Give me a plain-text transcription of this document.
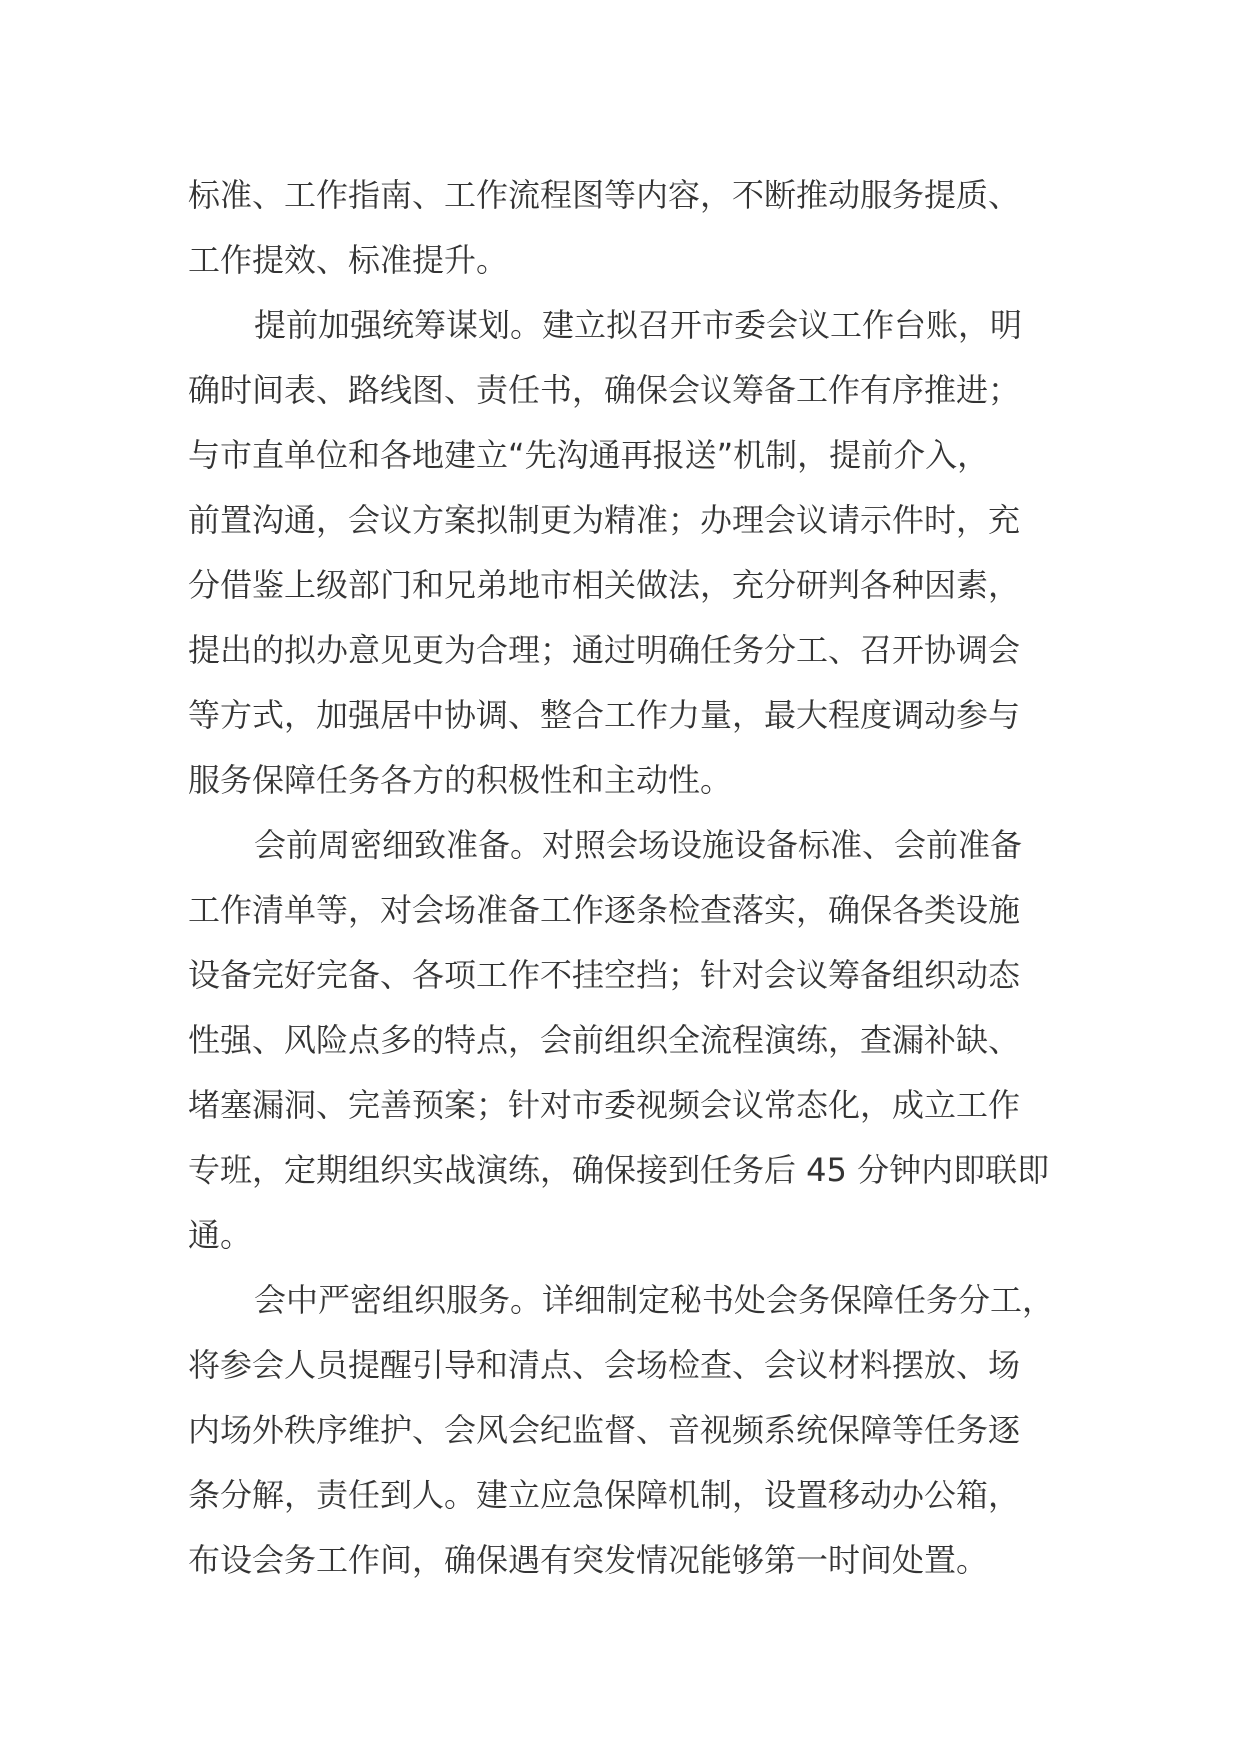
标准、工作指南、工作流程图等内容，不断推动服务提质、
工作提效、标准提升。
提前加强统筹谋划。建立拟召开市委会议工作台账，明
确时间表、路线图、责任书，确保会议筹备工作有序推进；
与市直单位和各地建立“先沟通再报送”机制，提前介入，
前置沟通，会议方案拟制更为精准；办理会议请示件时，充
分借鉴上级部门和兄弟地市相关做法，充分研判各种因素，
提出的拟办意见更为合理；通过明确任务分工、召开协调会
等方式，加强居中协调、整合工作力量，最大程度调动参与
服务保障任务各方的积极性和主动性。
会前周密细致准备。对照会场设施设备标准、会前准备
工作清单等，对会场准备工作逐条检查落实，确保各类设施
设备完好完备、各项工作不挂空挡；针对会议筹备组织动态
性强、风险点多的特点，会前组织全流程演练，查漏补缺、
堵塞漏洞、完善预案；针对市委视频会议常态化，成立工作
专班，定期组织实战演练，确保接到任务后 45 分钟内即联即
通。
会中严密组织服务。详细制定秘书处会务保障任务分工，
将参会人员提醒引导和清点、会场检查、会议材料摆放、场
内场外秩序维护、会风会纪监督、音视频系统保障等任务逐
条分解，责任到人。建立应急保障机制，设置移动办公箱，
布设会务工作间，确保遇有突发情况能够第一时间处置。
